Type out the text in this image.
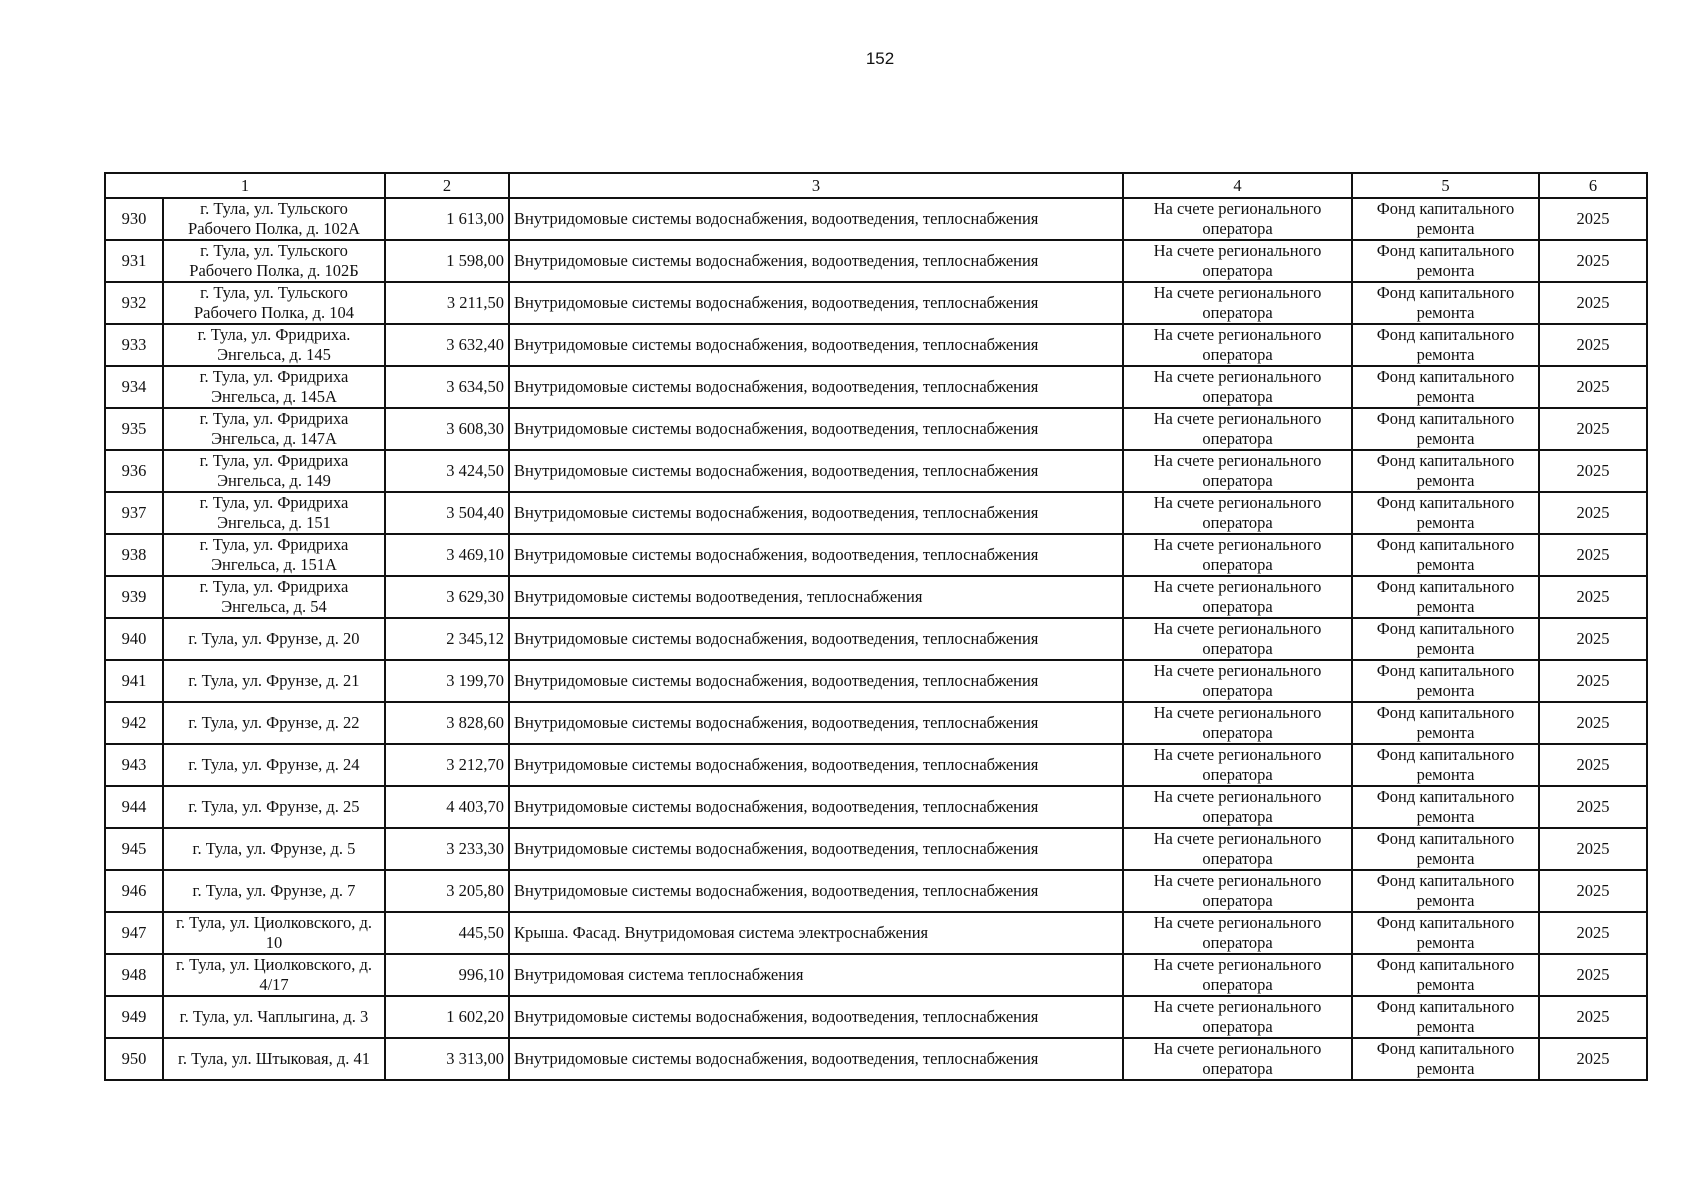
152
1		2	3	4	5	6
930	г. Тула, ул. Тульского Рабочего Полка, д. 102А	1 613,00	Внутридомовые системы водоснабжения, водоотведения, теплоснабжения	На счете регионального оператора	Фонд капитального ремонта	2025
931	г. Тула, ул. Тульского Рабочего Полка, д. 102Б	1 598,00	Внутридомовые системы водоснабжения, водоотведения, теплоснабжения	На счете регионального оператора	Фонд капитального ремонта	2025
932	г. Тула, ул. Тульского Рабочего Полка, д. 104	3 211,50	Внутридомовые системы водоснабжения, водоотведения, теплоснабжения	На счете регионального оператора	Фонд капитального ремонта	2025
933	г. Тула, ул. Фридриха. Энгельса, д. 145	3 632,40	Внутридомовые системы водоснабжения, водоотведения, теплоснабжения	На счете регионального оператора	Фонд капитального ремонта	2025
934	г. Тула, ул. Фридриха Энгельса, д. 145А	3 634,50	Внутридомовые системы водоснабжения, водоотведения, теплоснабжения	На счете регионального оператора	Фонд капитального ремонта	2025
935	г. Тула, ул. Фридриха Энгельса, д. 147А	3 608,30	Внутридомовые системы водоснабжения, водоотведения, теплоснабжения	На счете регионального оператора	Фонд капитального ремонта	2025
936	г. Тула, ул. Фридриха Энгельса, д. 149	3 424,50	Внутридомовые системы водоснабжения, водоотведения, теплоснабжения	На счете регионального оператора	Фонд капитального ремонта	2025
937	г. Тула, ул. Фридриха Энгельса, д. 151	3 504,40	Внутридомовые системы водоснабжения, водоотведения, теплоснабжения	На счете регионального оператора	Фонд капитального ремонта	2025
938	г. Тула, ул. Фридриха Энгельса, д. 151А	3 469,10	Внутридомовые системы водоснабжения, водоотведения, теплоснабжения	На счете регионального оператора	Фонд капитального ремонта	2025
939	г. Тула, ул. Фридриха Энгельса, д. 54	3 629,30	Внутридомовые системы водоотведения, теплоснабжения	На счете регионального оператора	Фонд капитального ремонта	2025
940	г. Тула, ул. Фрунзе, д. 20	2 345,12	Внутридомовые системы водоснабжения, водоотведения, теплоснабжения	На счете регионального оператора	Фонд капитального ремонта	2025
941	г. Тула, ул. Фрунзе, д. 21	3 199,70	Внутридомовые системы водоснабжения, водоотведения, теплоснабжения	На счете регионального оператора	Фонд капитального ремонта	2025
942	г. Тула, ул. Фрунзе, д. 22	3 828,60	Внутридомовые системы водоснабжения, водоотведения, теплоснабжения	На счете регионального оператора	Фонд капитального ремонта	2025
943	г. Тула, ул. Фрунзе, д. 24	3 212,70	Внутридомовые системы водоснабжения, водоотведения, теплоснабжения	На счете регионального оператора	Фонд капитального ремонта	2025
944	г. Тула, ул. Фрунзе, д. 25	4 403,70	Внутридомовые системы водоснабжения, водоотведения, теплоснабжения	На счете регионального оператора	Фонд капитального ремонта	2025
945	г. Тула, ул. Фрунзе, д. 5	3 233,30	Внутридомовые системы водоснабжения, водоотведения, теплоснабжения	На счете регионального оператора	Фонд капитального ремонта	2025
946	г. Тула, ул. Фрунзе, д. 7	3 205,80	Внутридомовые системы водоснабжения, водоотведения, теплоснабжения	На счете регионального оператора	Фонд капитального ремонта	2025
947	г. Тула, ул. Циолковского, д. 10	445,50	Крыша. Фасад. Внутридомовая система электроснабжения	На счете регионального оператора	Фонд капитального ремонта	2025
948	г. Тула, ул. Циолковского, д. 4/17	996,10	Внутридомовая система теплоснабжения	На счете регионального оператора	Фонд капитального ремонта	2025
949	г. Тула, ул. Чаплыгина, д. 3	1 602,20	Внутридомовые системы водоснабжения, водоотведения, теплоснабжения	На счете регионального оператора	Фонд капитального ремонта	2025
950	г. Тула, ул. Штыковая, д. 41	3 313,00	Внутридомовые системы водоснабжения, водоотведения, теплоснабжения	На счете регионального оператора	Фонд капитального ремонта	2025
